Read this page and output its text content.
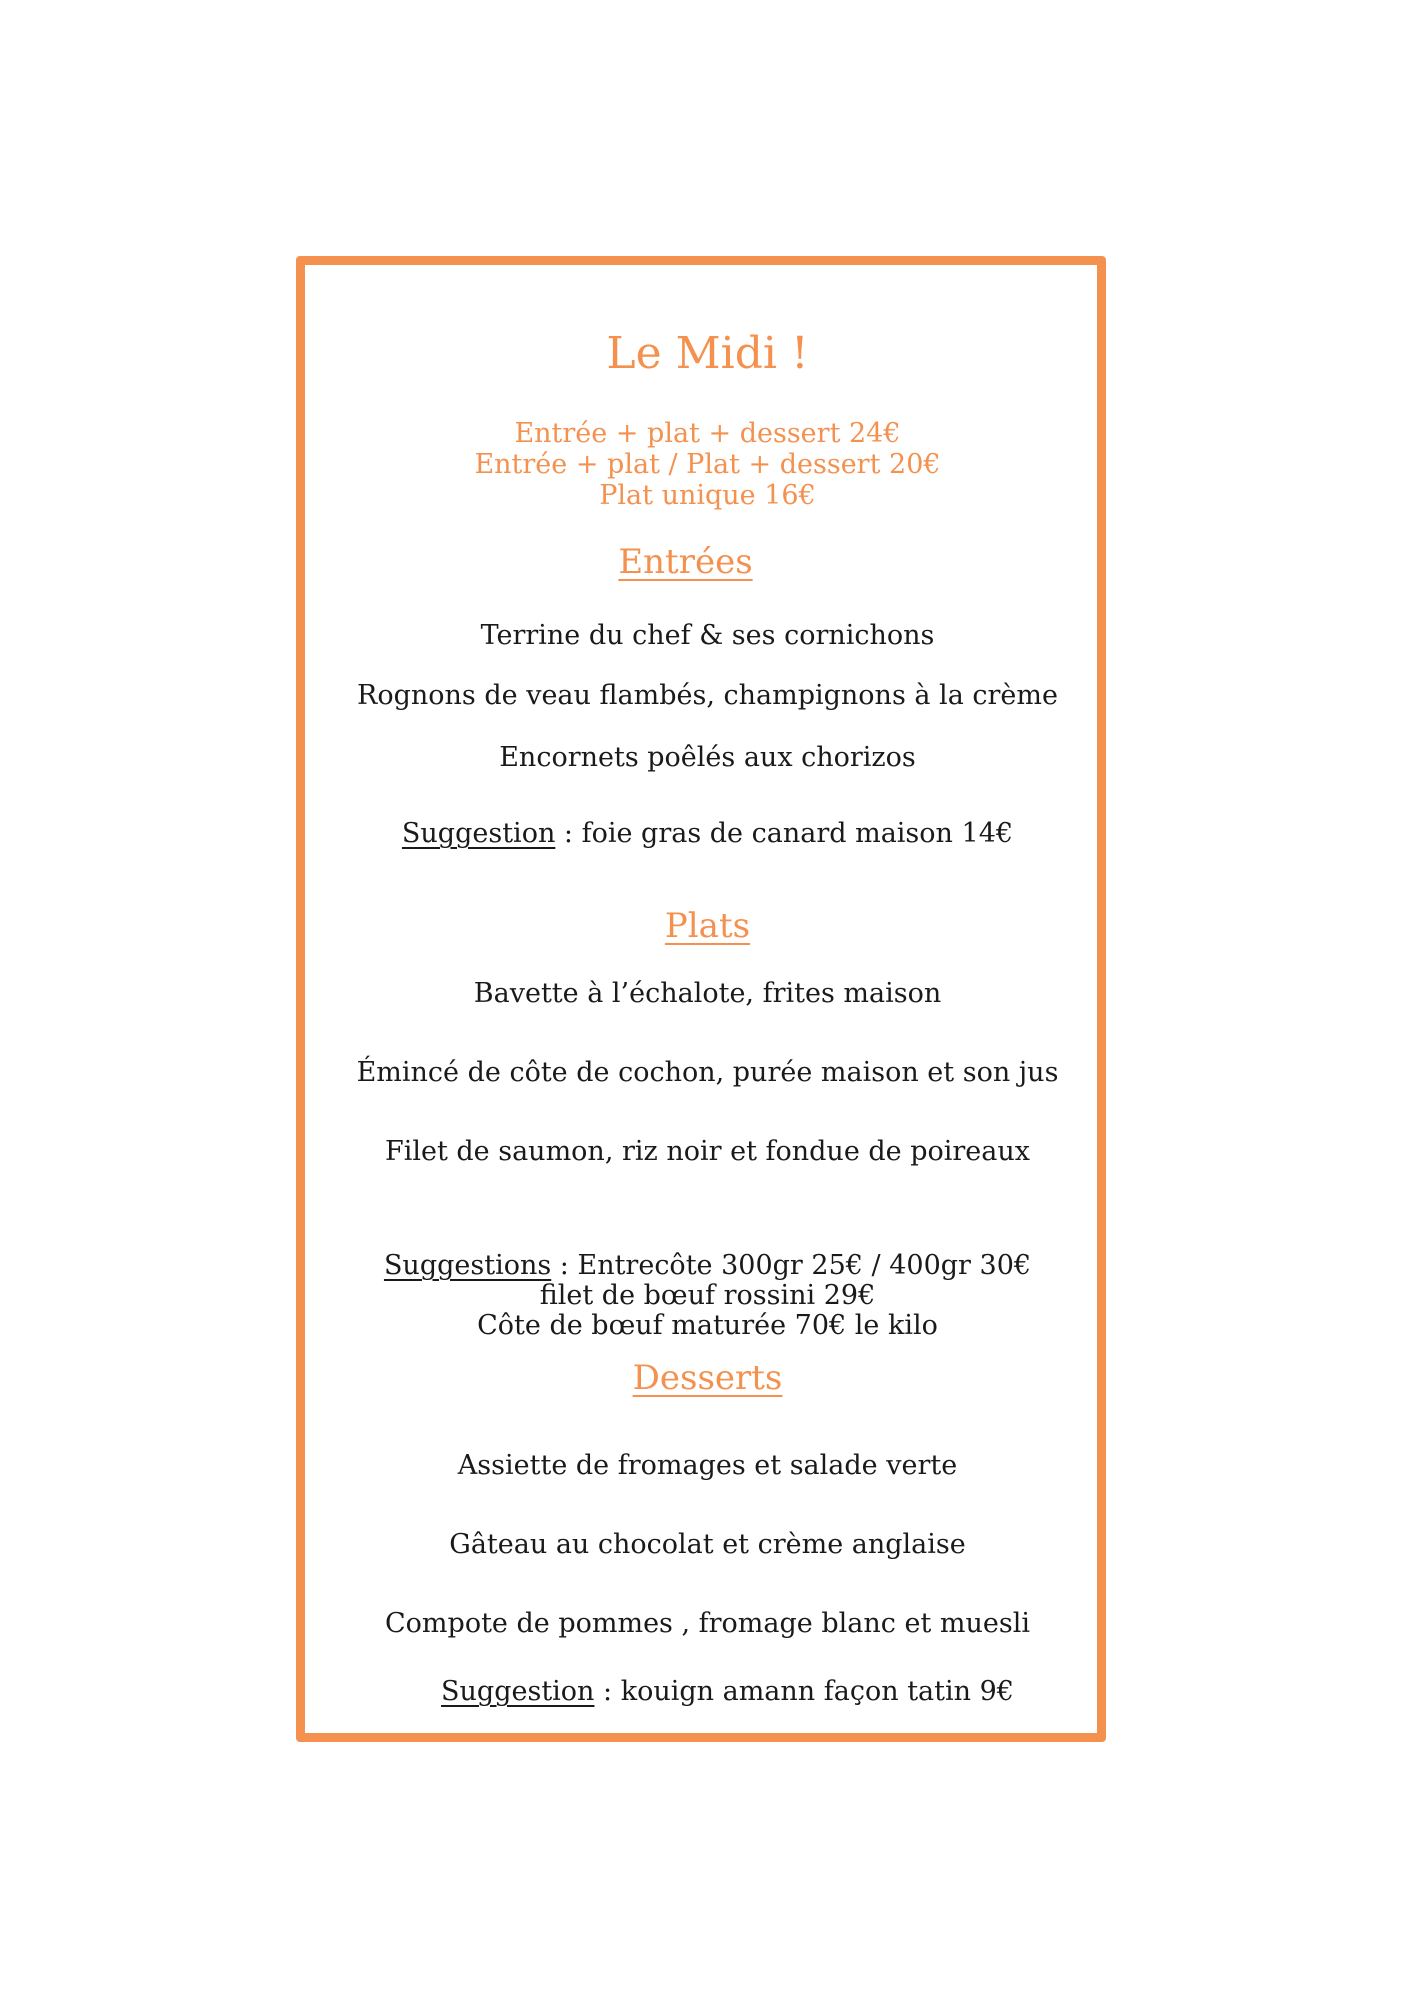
Le Midi !
Entrée + plat + dessert 24€
Entrée + plat / Plat + dessert 20€
Plat unique 16€
Entrées
Terrine du chef & ses cornichons
Rognons de veau flambés, champignons à la crème
Encornets poêlés aux chorizos
Suggestion : foie gras de canard maison 14€
Plats
Bavette à l’échalote, frites maison
Émincé de côte de cochon, purée maison et son jus
Filet de saumon, riz noir et fondue de poireaux
Suggestions : Entrecôte 300gr 25€ / 400gr 30€
filet de bœuf rossini 29€
Côte de bœuf maturée 70€ le kilo
Desserts
Assiette de fromages et salade verte
Gâteau au chocolat et crème anglaise
Compote de pommes , fromage blanc et muesli
Suggestion : kouign amann façon tatin 9€
